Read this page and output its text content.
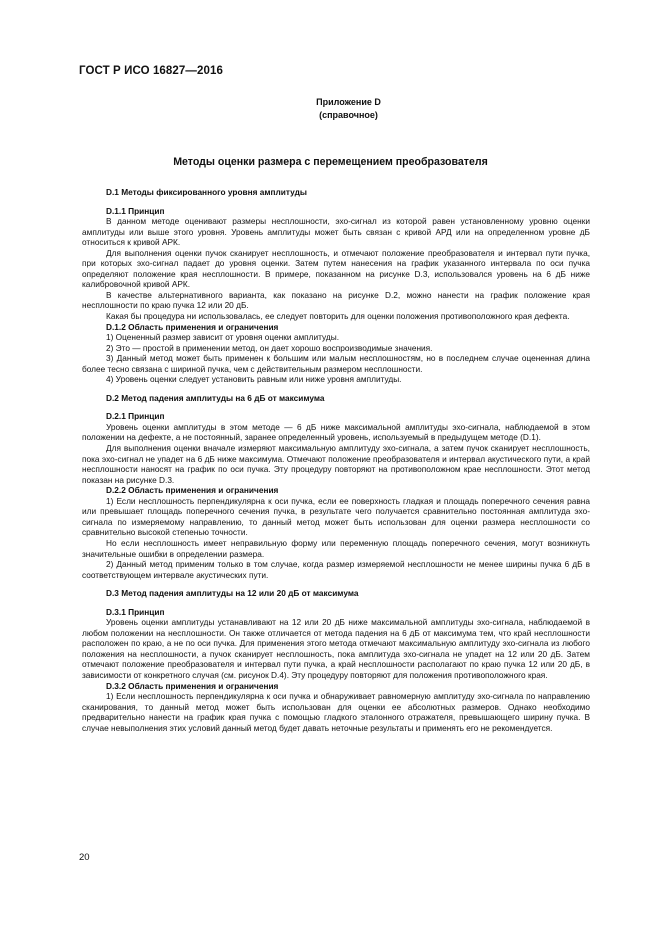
ГОСТ Р ИСО 16827—2016
Приложение D
(справочное)
Методы оценки размера с перемещением преобразователя
D.1 Методы фиксированного уровня амплитуды
D.1.1 Принцип

В данном методе оценивают размеры несплошности, эхо-сигнал из которой равен установленному уровню оценки амплитуды или выше этого уровня. Уровень амплитуды может быть связан с кривой АРД или на определенном уровне дБ относиться к кривой АРК.

Для выполнения оценки пучок сканирует несплошность, и отмечают положение преобразователя и интервал пути пучка, при которых эхо-сигнал падает до уровня оценки. Затем путем нанесения на график указанного интервала по оси пучка определяют положение края несплошности. В примере, показанном на рисунке D.3, использовался уровень на 6 дБ ниже калибровочной кривой АРК.

В качестве альтернативного варианта, как показано на рисунке D.2, можно нанести на график положение края несплошности по краю пучка 12 или 20 дБ.

Какая бы процедура ни использовалась, ее следует повторить для оценки положения противоположного края дефекта.

D.1.2 Область применения и ограничения

1) Оцененный размер зависит от уровня оценки амплитуды.

2) Это — простой в применении метод, он дает хорошо воспроизводимые значения.

3) Данный метод может быть применен к большим или малым несплошностям, но в последнем случае оцененная длина более тесно связана с шириной пучка, чем с действительным размером несплошности.

4) Уровень оценки следует установить равным или ниже уровня амплитуды.

D.2 Метод падения амплитуды на 6 дБ от максимума
D.2.1 Принцип

Уровень оценки амплитуды в этом методе — 6 дБ ниже максимальной амплитуды эхо-сигнала, наблюдаемой в этом положении на дефекте, а не постоянный, заранее определенный уровень, используемый в предыдущем методе (D.1).

Для выполнения оценки вначале измеряют максимальную амплитуду эхо-сигнала, а затем пучок сканирует несплошность, пока эхо-сигнал не упадет на 6 дБ ниже максимума. Отмечают положение преобразователя и интервал акустического пути, а край несплошности наносят на график по оси пучка. Эту процедуру повторяют на противоположном крае несплошности. Этот метод показан на рисунке D.3.

D.2.2 Область применения и ограничения

1) Если несплошность перпендикулярна к оси пучка, если ее поверхность гладкая и площадь поперечного сечения равна или превышает площадь поперечного сечения пучка, в результате чего получается сравнительно постоянная амплитуда эхо-сигнала по измеряемому направлению, то данный метод может быть использован для оценки размера несплошности со сравнительно высокой степенью точности.

Но если несплошность имеет неправильную форму или переменную площадь поперечного сечения, могут возникнуть значительные ошибки в определении размера.

2) Данный метод применим только в том случае, когда размер измеряемой несплошности не менее ширины пучка 6 дБ в соответствующем интервале акустических пути.

D.3 Метод падения амплитуды на 12 или 20 дБ от максимума
D.3.1 Принцип

Уровень оценки амплитуды устанавливают на 12 или 20 дБ ниже максимальной амплитуды эхо-сигнала, наблюдаемой в любом положении на несплошности. Он также отличается от метода падения на 6 дБ от максимума тем, что край несплошности расположен по краю, а не по оси пучка. Для применения этого метода отмечают максимальную амплитуду эхо-сигнала из любого положения на несплошности, а пучок сканирует несплошность, пока амплитуда эхо-сигнала не упадет на 12 или 20 дБ. Затем отмечают положение преобразователя и интервал пути пучка, а край несплошности располагают по краю пучка 12 или 20 дБ, в зависимости от конкретного случая (см. рисунок D.4). Эту процедуру повторяют для положения противоположного края.

D.3.2 Область применения и ограничения

1) Если несплошность перпендикулярна к оси пучка и обнаруживает равномерную амплитуду эхо-сигнала по направлению сканирования, то данный метод может быть использован для оценки ее абсолютных размеров. Однако необходимо предварительно нанести на график края пучка с помощью гладкого эталонного отражателя, превышающего ширину пучка. В случае невыполнения этих условий данный метод будет давать неточные результаты и применять его не рекомендуется.

20
